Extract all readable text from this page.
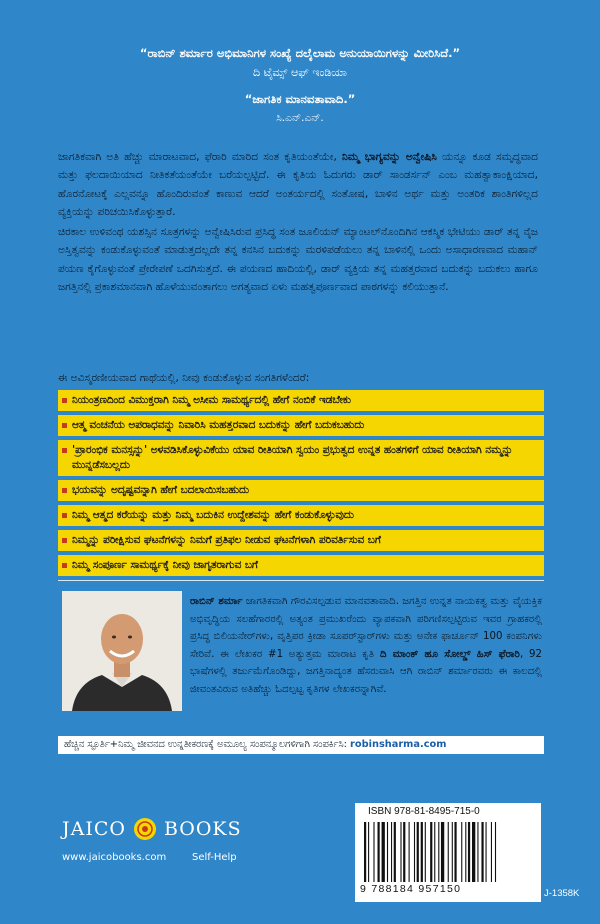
“ರಾಬಿನ್ ಶರ್ಮಾರ ಅಭಿಮಾನಿಗಳ ಸಂಖ್ಯೆ ದಲೈಲಾಮ ಅನುಯಾಯಿಗಳನ್ನು ಮೀರಿಸಿದೆ.”
ದಿ ಟೈಮ್ಸ್ ಆಫ್ ಇಂಡಿಯಾ
“ಜಾಗತಿಕ ಮಾನವತಾವಾದಿ.”
ಸಿ.ಎನ್.ಎನ್.
ಜಾಗತಿಕವಾಗಿ ಅತಿ ಹೆಚ್ಚು ಮಾರಾಟವಾದ, ಫೆರಾರಿ ಮಾರಿದ ಸಂತ ಕೃತಿಯಂತೆಯೇ, ನಿಮ್ಮ ಭಾಗ್ಯವನ್ನು ಅನ್ವೇಷಿಸಿ ಯನ್ನೂ ಕೂಡ ಸಮೃದ್ಧವಾದ ಮತ್ತು ಫಲದಾಯಿಯಾದ ನೀತಿಕತೆಯಂತೆಯೇ ಬರೆಯಲ್ಪಟ್ಟಿದೆ. ಈ ಕೃತಿಯ ಓದುಗರು ಡಾರ್ ಸಾಂಡರ್ಸನ್ ಎಂಬ ಮಹತ್ವಾಕಾಂಕ್ಷಿಯಾದ, ಹೊರನೋಟಕ್ಕೆ ಎಲ್ಲವನ್ನೂ ಹೊಂದಿರುವಂತೆ ಕಾಣುವ ಆದರೆ ಅಂತರ್ಯದಲ್ಲಿ ಸಂತೋಷ, ಬಾಳಿನ ಅರ್ಥ ಮತ್ತು ಅಂತರಿಕ ಶಾಂತಿಗಳಿಲ್ಲದ ವ್ಯಕ್ತಿಯನ್ನು ಪರಿಚಯಿಸಿಕೊಳ್ಳುತ್ತಾರೆ.
ಚಿರಕಾಲ ಉಳಿವಂಥ ಯಶಸ್ಸಿನ ಸೂತ್ರಗಳನ್ನು ಅನ್ವೇಷಿಸಿರುವ ಪ್ರಸಿದ್ಧ ಸಂತ ಜೂಲಿಯನ್ ಮ್ಯಾಂಟಲ್‌ನೊಂದಿಗಿನ ಆಕಸ್ಮಿಕ ಭೇಟಿಯು ಡಾರ್ ತನ್ನ ನೈಜ ಅಸ್ತಿತ್ವವನ್ನು ಕಂಡುಕೊಳ್ಳುವಂತೆ ಮಾಡುತ್ತದಲ್ಲದೇ ತನ್ನ ಕನಸಿನ ಬದುಕನ್ನು ಮರಳಿಪಡೆಯಲು ತನ್ನ ಬಾಳಿನಲ್ಲಿ ಒಂದು ಅಸಾಧಾರಣವಾದ ಮಹಾನ್ ಪಯಣ ಕೈಗೊಳ್ಳುವಂತೆ ಪ್ರೇರೇಪಣೆ ಒದಗಿಸುತ್ತದೆ. ಈ ಪಯಣದ ಹಾದಿಯಲ್ಲಿ, ಡಾರ್ ವ್ಯಕ್ತಿಯ ತನ್ನ ಮಹತ್ತರವಾದ ಬದುಕನ್ನು ಬದುಕಲು ಹಾಗೂ ಜಗತ್ತಿನಲ್ಲಿ ಪ್ರಕಾಶಮಾನವಾಗಿ ಹೊಳೆಯುವಂತಾಗಲು ಅಗತ್ಯವಾದ ಏಳು ಮಹತ್ವಪೂರ್ಣವಾದ ಪಾಠಗಳನ್ನು ಕಲಿಯುತ್ತಾನೆ.
ಈ ಅವಿಸ್ಮರಣೀಯವಾದ ಗಾಥೆಯಲ್ಲಿ, ನೀವು ಕಂಡುಕೊಳ್ಳುವ ಸಂಗತಿಗಳೆಂದರೆ:
ನಿಯಂತ್ರಣದಿಂದ ವಿಮುಕ್ತರಾಗಿ ನಿಮ್ಮ ಅಸೀಮ ಸಾಮರ್ಥ್ಯದಲ್ಲಿ ಹೇಗೆ ನಂಬಿಕೆ ಇಡಬೇಕು
ಆತ್ಮ ವಂಚನೆಯ ಅಪರಾಧವನ್ನು ನಿವಾರಿಸಿ ಮಹತ್ತರವಾದ ಬದುಕನ್ನು ಹೇಗೆ ಬದುಕಬಹುದು
'ಪ್ರಾರಂಭಿಕ ಮನಸ್ಸನ್ನು' ಅಳವಡಿಸಿಕೊಳ್ಳುವಿಕೆಯು ಯಾವ ರೀತಿಯಾಗಿ ಸ್ವಯಂ ಪ್ರಭುತ್ವದ ಉನ್ನತ ಹಂತಗಳಿಗೆ ಯಾವ ರೀತಿಯಾಗಿ ನಮ್ಮನ್ನು ಮುನ್ನಡೆಸಬಲ್ಲದು
ಭಯವನ್ನು ಅದೃಷ್ಟವನ್ನಾಗಿ ಹೇಗೆ ಬದಲಾಯಿಸಬಹುದು
ನಿಮ್ಮ ಆತ್ಮದ ಕರೆಯನ್ನು ಮತ್ತು ನಿಮ್ಮ ಬದುಕಿನ ಉದ್ದೇಶವನ್ನು ಹೇಗೆ ಕಂಡುಕೊಳ್ಳುವುದು
ನಿಮ್ಮನ್ನು ಪರೀಕ್ಷಿಸುವ ಘಟನೆಗಳನ್ನು ನಿಮಗೆ ಪ್ರತಿಫಲ ನೀಡುವ ಘಟನೆಗಳಾಗಿ ಪರಿವರ್ತಿಸುವ ಬಗೆ
ನಿಮ್ಮ ಸಂಪೂರ್ಣ ಸಾಮರ್ಥ್ಯಕ್ಕೆ ನೀವು ಜಾಗೃತರಾಗುವ ಬಗೆ
ರಾಬಿನ್ ಶರ್ಮಾ ಜಾಗತಿಕವಾಗಿ ಗೌರವಿಸಲ್ಪಡುವ ಮಾನವತಾವಾದಿ. ಜಗತ್ತಿನ ಉನ್ನತ ನಾಯಕತ್ವ ಮತ್ತು ವೈಯಕ್ತಿಕ ಅಭಿವೃದ್ಧಿಯ ಸಲಹೆಗಾರರಲ್ಲಿ ಅತ್ಯಂತ ಪ್ರಮುಖರೆಂದು ವ್ಯಾಪಕವಾಗಿ ಪರಿಗಣಿಸಲ್ಪಟ್ಟಿರುವ ಇವರ ಗ್ರಾಹಕರಲ್ಲಿ ಪ್ರಸಿದ್ಧ ಬಿಲಿಯನೇರ್‌ಗಳು, ವೃತ್ತಿಪರ ಕ್ರೀಡಾ ಸೂಪರ್‌ಸ್ಟಾರ್‌ಗಳು ಮತ್ತು ಅನೇಕ ಫಾರ್ಚೂನ್ 100 ಕಂಪನಿಗಳು ಸೇರಿವೆ. ಈ ಲೇಖಕರ #1 ಅತ್ಯುತ್ತಮ ಮಾರಾಟ ಕೃತಿ ದಿ ಮಾಂಕ್ ಹೂ ಸೋಲ್ಡ್ ಹಿಸ್ ಫೆರಾರಿ, 92 ಭಾಷೆಗಳಲ್ಲಿ ತರ್ಜುಮೆಗೊಂಡಿದ್ದು, ಜಗತ್ತಿನಾದ್ಯಂತ ಹೆಸರುವಾಸಿ ಆಗಿ ರಾಬಿನ್ ಶರ್ಮಾರವರು ಈ ಕಾಲದಲ್ಲಿ ಜೀವಂತವಿರುವ ಅತಿಹೆಚ್ಚು ಓದಲ್ಪಟ್ಟ ಕೃತಿಗಳ ಲೇಖಕರನ್ನಾಗಿವೆ.
ಹೆಚ್ಚಿನ ಸ್ಫೂರ್ತಿ+ನಿಮ್ಮ ಜೀವನದ ಉನ್ನತೀಕರಣಕ್ಕೆ ಅಮೂಲ್ಯ ಸಂಪನ್ಮೂಲಗಳಿಗಾಗಿ ಸಂಪರ್ಕಿಸಿ: robinsharma.com
JAICO BOOKS
www.jaicobooks.com	Self-Help
ISBN 978-81-8495-715-0
9 788184 957150	J-1358K
